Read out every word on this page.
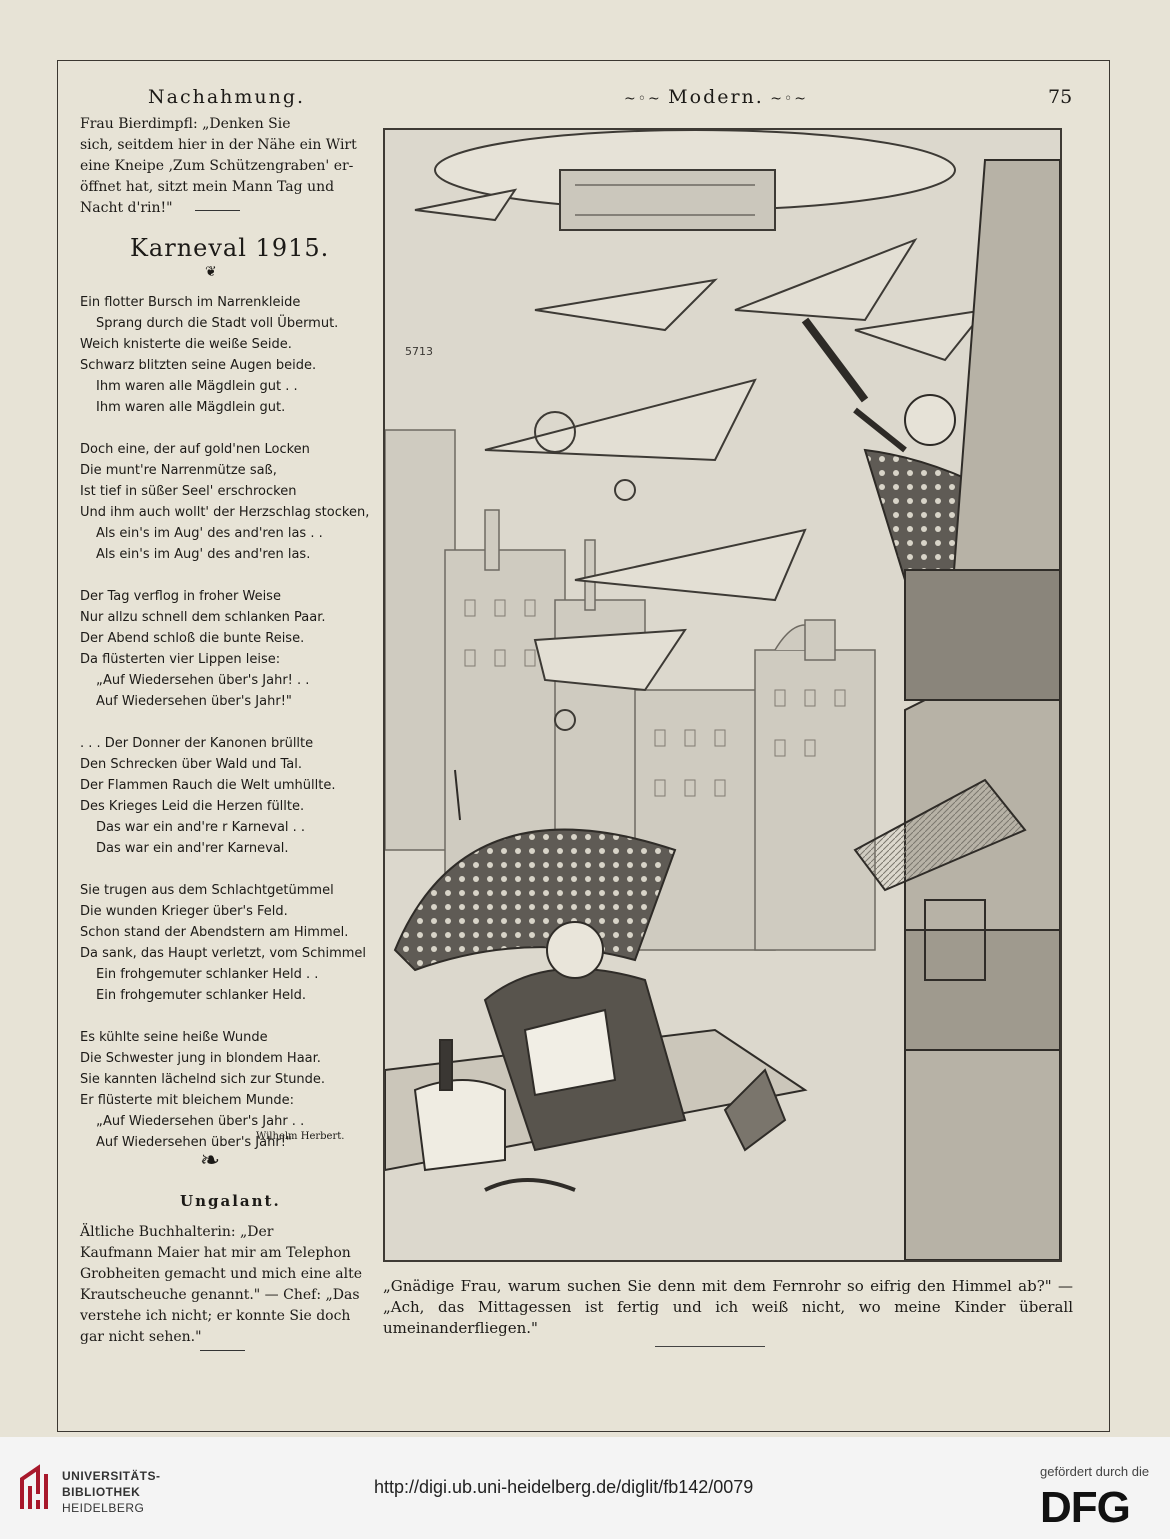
Nachahmung.	~◦~ Modern. ~◦~	75
Frau Bierdimpfl: „Denken Sie
sich, seitdem hier in der Nähe ein Wirt
eine Kneipe ‚Zum Schützengraben' er-
öffnet hat, sitzt mein Mann Tag und
Nacht d'rin!"
Karneval 1915.
❦
Ein flotter Bursch im Narrenkleide
Sprang durch die Stadt voll Übermut.
Weich knisterte die weiße Seide.
Schwarz blitzten seine Augen beide.
Ihm waren alle Mägdlein gut . .
Ihm waren alle Mägdlein gut.
Doch eine, der auf gold'nen Locken
Die munt're Narrenmütze saß,
Ist tief in süßer Seel' erschrocken
Und ihm auch wollt' der Herzschlag stocken,
Als ein's im Aug' des and'ren las . .
Als ein's im Aug' des and'ren las.
Der Tag verflog in froher Weise
Nur allzu schnell dem schlanken Paar.
Der Abend schloß die bunte Reise.
Da flüsterten vier Lippen leise:
„Auf Wiedersehen über's Jahr! . .
Auf Wiedersehen über's Jahr!"
. . . Der Donner der Kanonen brüllte
Den Schrecken über Wald und Tal.
Der Flammen Rauch die Welt umhüllte.
Des Krieges Leid die Herzen füllte.
Das war ein and're r Karneval . .
Das war ein and'rer Karneval.
Sie trugen aus dem Schlachtgetümmel
Die wunden Krieger über's Feld.
Schon stand der Abendstern am Himmel.
Da sank, das Haupt verletzt, vom Schimmel
Ein frohgemuter schlanker Held . .
Ein frohgemuter schlanker Held.
Es kühlte seine heiße Wunde
Die Schwester jung in blondem Haar.
Sie kannten lächelnd sich zur Stunde.
Er flüsterte mit bleichem Munde:
„Auf Wiedersehen über's Jahr . .
Auf Wiedersehen über's Jahr!"
Wilhelm Herbert.
❧
Ungalant.
Ältliche Buchhalterin: „Der
Kaufmann Maier hat mir am Telephon
Grobheiten gemacht und mich eine alte
Krautscheuche genannt." — Chef: „Das
verstehe ich nicht; er konnte Sie doch
gar nicht sehen."
5713
„Gnädige Frau, warum suchen Sie denn mit dem Fernrohr so eifrig den Himmel ab?" — „Ach, das Mittagessen ist fertig und ich weiß nicht, wo meine Kinder überall umeinanderfliegen."
UNIVERSITÄTS-
BIBLIOTHEK
HEIDELBERG
http://digi.ub.uni-heidelberg.de/diglit/fb142/0079
gefördert durch die
DFG
